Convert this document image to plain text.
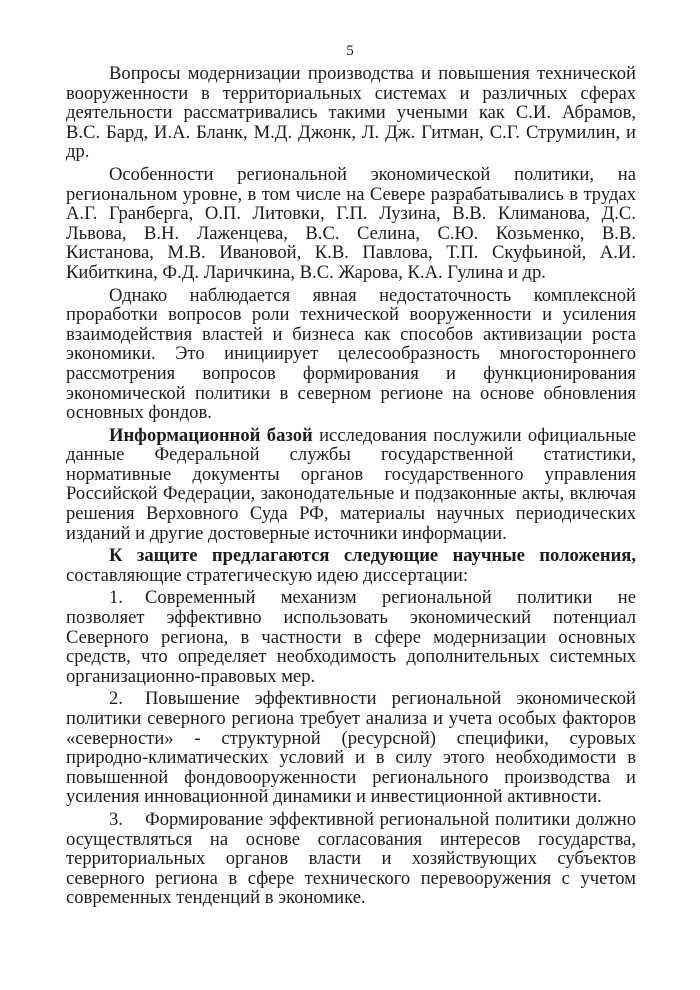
5

Вопросы модернизации производства и повышения технической вооруженности в территориальных системах и различных сферах деятельности рассматривались такими учеными как С.И. Абрамов, В.С. Бард, И.А. Бланк, М.Д. Джонк, Л. Дж. Гитман, С.Г. Струмилин, и др.

Особенности региональной экономической политики, на региональном уровне, в том числе на Севере разрабатывались в трудах А.Г. Гранберга, О.П. Литовки, Г.П. Лузина, В.В. Климанова, Д.С. Львова, В.Н. Лаженцева, В.С. Селина, С.Ю. Козьменко, В.В. Кистанова, М.В. Ивановой, К.В. Павлова, Т.П. Скуфьиной, А.И. Кибиткина, Ф.Д. Ларичкина, В.С. Жарова, К.А. Гулина и др.

Однако наблюдается явная недостаточность комплексной проработки вопросов роли технической вооруженности и усиления взаимодействия властей и бизнеса как способов активизации роста экономики. Это инициирует целесообразность многостороннего рассмотрения вопросов формирования и функционирования экономической политики в северном регионе на основе обновления основных фондов.

Информационной базой исследования послужили официальные данные Федеральной службы государственной статистики, нормативные документы органов государственного управления Российской Федерации, законодательные и подзаконные акты, включая решения Верховного Суда РФ, материалы научных периодических изданий и другие достоверные источники информации.

К защите предлагаются следующие научные положения, составляющие стратегическую идею диссертации:

1. Современный механизм региональной политики не позволяет эффективно использовать экономический потенциал Северного региона, в частности в сфере модернизации основных средств, что определяет необходимость дополнительных системных организационно-правовых мер.

2. Повышение эффективности региональной экономической политики северного региона требует анализа и учета особых факторов «северности» - структурной (ресурсной) специфики, суровых природно-климатических условий и в силу этого необходимости в повышенной фондовооруженности регионального производства и усиления инновационной динамики и инвестиционной активности.

3. Формирование эффективной региональной политики должно осуществляться на основе согласования интересов государства, территориальных органов власти и хозяйствующих субъектов северного региона в сфере технического перевооружения с учетом современных тенденций в экономике.
